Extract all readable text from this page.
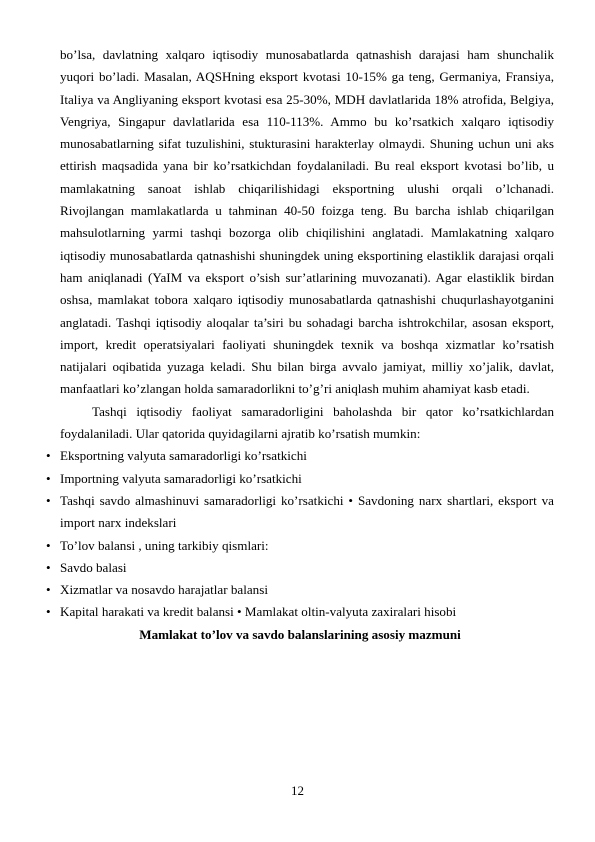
bo’lsa, davlatning xalqaro iqtisodiy munosabatlarda qatnashish darajasi ham shunchalik yuqori bo’ladi. Masalan, AQSHning eksport kvotasi 10-15% ga teng, Germaniya, Fransiya, Italiya va Angliyaning eksport kvotasi esa 25-30%, MDH davlatlarida 18% atrofida, Belgiya, Vengriya, Singapur davlatlarida esa 110-113%. Ammo bu ko’rsatkich xalqaro iqtisodiy munosabatlarning sifat tuzulishini, stukturasini harakterlay olmaydi. Shuning uchun uni aks ettirish maqsadida yana bir ko’rsatkichdan foydalaniladi. Bu real eksport kvotasi bo’lib, u mamlakatning sanoat ishlab chiqarilishidagi eksportning ulushi orqali o’lchanadi. Rivojlangan mamlakatlarda u tahminan 40-50 foizga teng. Bu barcha ishlab chiqarilgan mahsulotlarning yarmi tashqi bozorga olib chiqilishini anglatadi. Mamlakatning xalqaro iqtisodiy munosabatlarda qatnashishi shuningdek uning eksportining elastiklik darajasi orqali ham aniqlanadi (YaIM va eksport o’sish sur’atlarining muvozanati). Agar elastiklik birdan oshsa, mamlakat tobora xalqaro iqtisodiy munosabatlarda qatnashishi chuqurlashayotganini anglatadi. Tashqi iqtisodiy aloqalar ta’siri bu sohadagi barcha ishtrokchilar, asosan eksport, import, kredit operatsiyalari faoliyati shuningdek texnik va boshqa xizmatlar ko’rsatish natijalari oqibatida yuzaga keladi. Shu bilan birga avvalo jamiyat, milliy xo’jalik, davlat, manfaatlari ko’zlangan holda samaradorlikni to’g’ri aniqlash muhim ahamiyat kasb etadi.

Tashqi iqtisodiy faoliyat samaradorligini baholashda bir qator ko’rsatkichlardan foydalaniladi. Ular qatorida quyidagilarni ajratib ko’rsatish mumkin:

• Eksportning valyuta samaradorligi ko’rsatkichi
• Importning valyuta samaradorligi ko’rsatkichi
• Tashqi savdo almashinuvi samaradorligi ko’rsatkichi • Savdoning narx shartlari, eksport va import narx indekslari
• To’lov balansi , uning tarkibiy qismlari:
• Savdo balasi
• Xizmatlar va nosavdo harajatlar balansi
• Kapital harakati va kredit balansi • Mamlakat oltin-valyuta zaxiralari hisobi

Mamlakat to’lov va savdo balanslarining asosiy mazmuni

12
